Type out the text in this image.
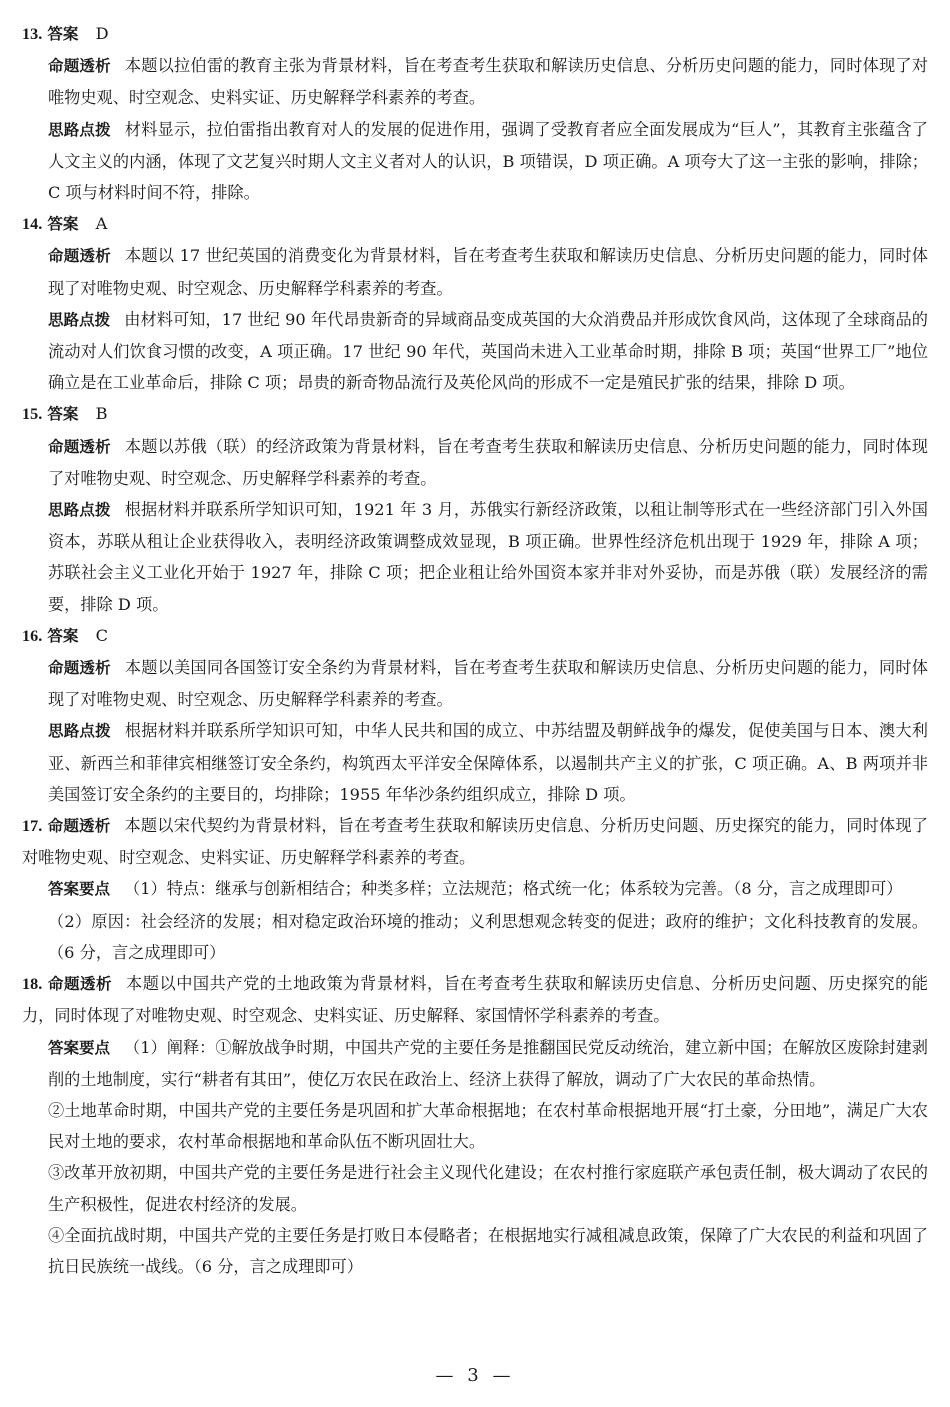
13. 答案 D

命题透析 本题以拉伯雷的教育主张为背景材料，旨在考查考生获取和解读历史信息、分析历史问题的能力，同时体现了对唯物史观、时空观念、史料实证、历史解释学科素养的考查。

思路点拨 材料显示，拉伯雷指出教育对人的发展的促进作用，强调了受教育者应全面发展成为“巨人”，其教育主张蕴含了人文主义的内涵，体现了文艺复兴时期人文主义者对人的认识，B 项错误，D 项正确。A 项夸大了这一主张的影响，排除；C 项与材料时间不符，排除。

14. 答案 A

命题透析 本题以 17 世纪英国的消费变化为背景材料，旨在考查考生获取和解读历史信息、分析历史问题的能力，同时体现了对唯物史观、时空观念、历史解释学科素养的考查。

思路点拨 由材料可知，17 世纪 90 年代昂贵新奇的异域商品变成英国的大众消费品并形成饮食风尚，这体现了全球商品的流动对人们饮食习惯的改变，A 项正确。17 世纪 90 年代，英国尚未进入工业革命时期，排除 B 项；英国“世界工厂”地位确立是在工业革命后，排除 C 项；昂贵的新奇物品流行及英伦风尚的形成不一定是殖民扩张的结果，排除 D 项。

15. 答案 B

命题透析 本题以苏俄（联）的经济政策为背景材料，旨在考查考生获取和解读历史信息、分析历史问题的能力，同时体现了对唯物史观、时空观念、历史解释学科素养的考查。

思路点拨 根据材料并联系所学知识可知，1921 年 3 月，苏俄实行新经济政策，以租让制等形式在一些经济部门引入外国资本，苏联从租让企业获得收入，表明经济政策调整成效显现，B 项正确。世界性经济危机出现于 1929 年，排除 A 项；苏联社会主义工业化开始于 1927 年，排除 C 项；把企业租让给外国资本家并非对外妥协，而是苏俄（联）发展经济的需要，排除 D 项。

16. 答案 C

命题透析 本题以美国同各国签订安全条约为背景材料，旨在考查考生获取和解读历史信息、分析历史问题的能力，同时体现了对唯物史观、时空观念、历史解释学科素养的考查。

思路点拨 根据材料并联系所学知识可知，中华人民共和国的成立、中苏结盟及朝鲜战争的爆发，促使美国与日本、澳大利亚、新西兰和菲律宾相继签订安全条约，构筑西太平洋安全保障体系，以遏制共产主义的扩张，C 项正确。A、B 两项并非美国签订安全条约的主要目的，均排除；1955 年华沙条约组织成立，排除 D 项。

17. 命题透析 本题以宋代契约为背景材料，旨在考查考生获取和解读历史信息、分析历史问题、历史探究的能力，同时体现了对唯物史观、时空观念、史料实证、历史解释学科素养的考查。

答案要点 （1）特点：继承与创新相结合；种类多样；立法规范；格式统一化；体系较为完善。（8 分，言之成理即可）

（2）原因：社会经济的发展；相对稳定政治环境的推动；义利思想观念转变的促进；政府的维护；文化科技教育的发展。（6 分，言之成理即可）

18. 命题透析 本题以中国共产党的土地政策为背景材料，旨在考查考生获取和解读历史信息、分析历史问题、历史探究的能力，同时体现了对唯物史观、时空观念、史料实证、历史解释、家国情怀学科素养的考查。

答案要点 （1）阐释：①解放战争时期，中国共产党的主要任务是推翻国民党反动统治，建立新中国；在解放区废除封建剥削的土地制度，实行“耕者有其田”，使亿万农民在政治上、经济上获得了解放，调动了广大农民的革命热情。

②土地革命时期，中国共产党的主要任务是巩固和扩大革命根据地；在农村革命根据地开展“打土豪，分田地”，满足广大农民对土地的要求，农村革命根据地和革命队伍不断巩固壮大。

③改革开放初期，中国共产党的主要任务是进行社会主义现代化建设；在农村推行家庭联产承包责任制，极大调动了农民的生产积极性，促进农村经济的发展。

④全面抗战时期，中国共产党的主要任务是打败日本侵略者；在根据地实行减租减息政策，保障了广大农民的利益和巩固了抗日民族统一战线。（6 分，言之成理即可）

— 3 —
